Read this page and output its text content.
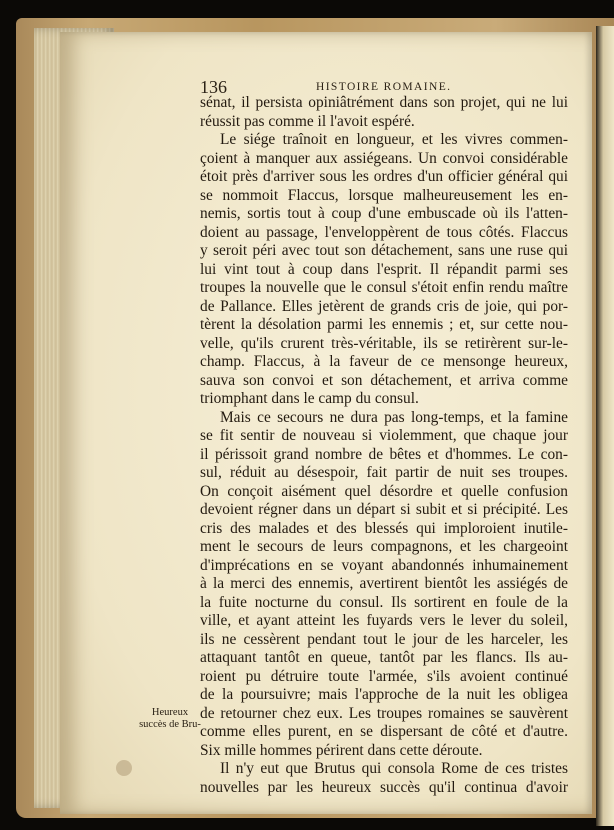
136	HISTOIRE ROMAINE.
Heureux
succès de Bru-
sénat, il persista opiniâtrément dans son projet, qui ne lui
réussit pas comme il l'avoit espéré.
Le siége traînoit en longueur, et les vivres commen-
çoient à manquer aux assiégeans. Un convoi considérable
étoit près d'arriver sous les ordres d'un officier général qui
se nommoit Flaccus, lorsque malheureusement les en-
nemis, sortis tout à coup d'une embuscade où ils l'atten-
doient au passage, l'enveloppèrent de tous côtés. Flaccus
y seroit péri avec tout son détachement, sans une ruse qui
lui vint tout à coup dans l'esprit. Il répandit parmi ses
troupes la nouvelle que le consul s'étoit enfin rendu maître
de Pallance. Elles jetèrent de grands cris de joie, qui por-
tèrent la désolation parmi les ennemis ; et, sur cette nou-
velle, qu'ils crurent très-véritable, ils se retirèrent sur-le-
champ. Flaccus, à la faveur de ce mensonge heureux,
sauva son convoi et son détachement, et arriva comme
triomphant dans le camp du consul.
Mais ce secours ne dura pas long-temps, et la famine
se fit sentir de nouveau si violemment, que chaque jour
il périssoit grand nombre de bêtes et d'hommes. Le con-
sul, réduit au désespoir, fait partir de nuit ses troupes.
On conçoit aisément quel désordre et quelle confusion
devoient régner dans un départ si subit et si précipité. Les
cris des malades et des blessés qui imploroient inutile-
ment le secours de leurs compagnons, et les chargeoint
d'imprécations en se voyant abandonnés inhumainement
à la merci des ennemis, avertirent bientôt les assiégés de
la fuite nocturne du consul. Ils sortirent en foule de la
ville, et ayant atteint les fuyards vers le lever du soleil,
ils ne cessèrent pendant tout le jour de les harceler, les
attaquant tantôt en queue, tantôt par les flancs. Ils au-
roient pu détruire toute l'armée, s'ils avoient continué
de la poursuivre; mais l'approche de la nuit les obligea
de retourner chez eux. Les troupes romaines se sauvèrent
comme elles purent, en se dispersant de côté et d'autre.
Six mille hommes périrent dans cette déroute.
Il n'y eut que Brutus qui consola Rome de ces tristes
nouvelles par les heureux succès qu'il continua d'avoir
